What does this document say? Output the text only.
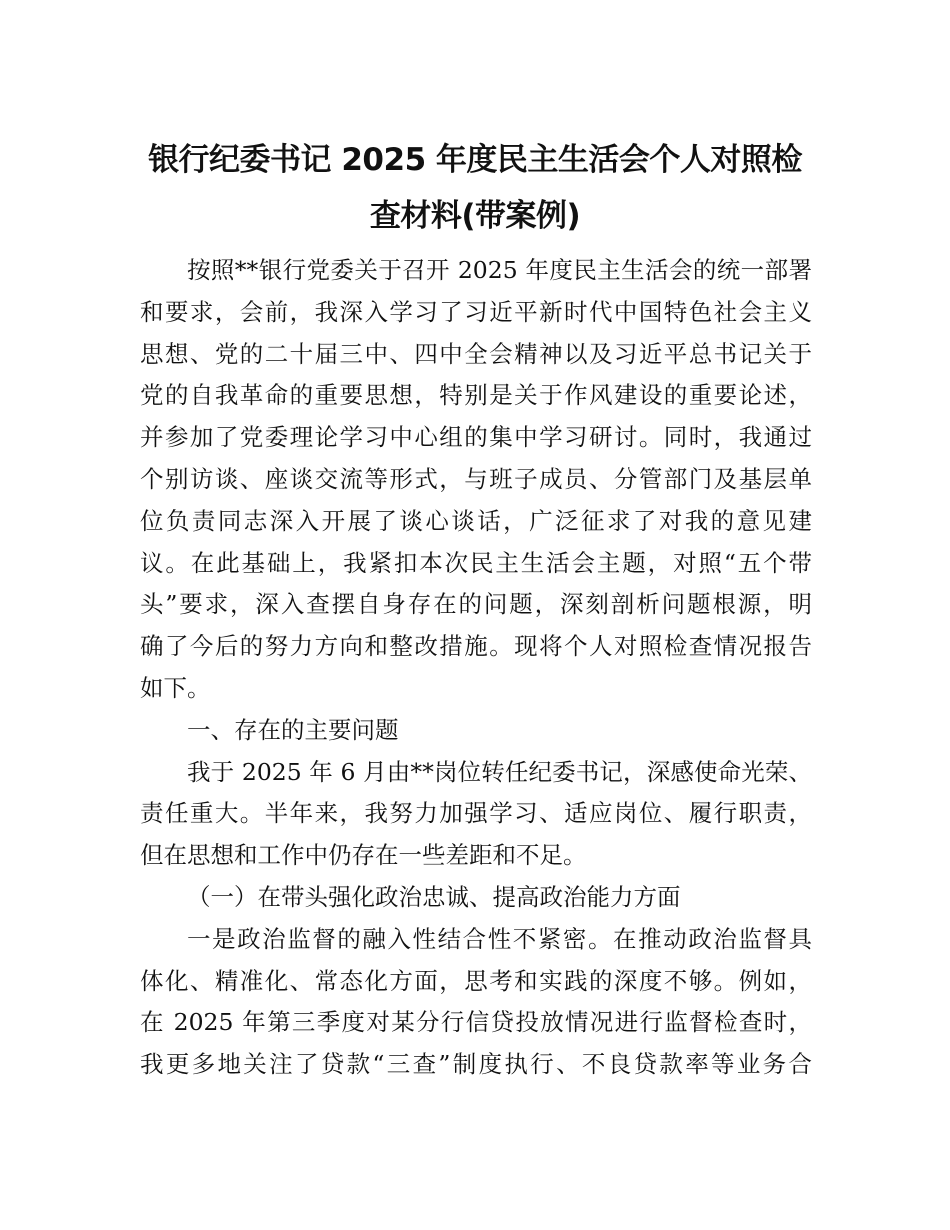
银行纪委书记 2025 年度民主生活会个人对照检
查材料(带案例)
按照**银行党委关于召开 2025 年度民主生活会的统一部署
和要求，会前，我深入学习了习近平新时代中国特色社会主义
思想、党的二十届三中、四中全会精神以及习近平总书记关于
党的自我革命的重要思想，特别是关于作风建设的重要论述，
并参加了党委理论学习中心组的集中学习研讨。同时，我通过
个别访谈、座谈交流等形式，与班子成员、分管部门及基层单
位负责同志深入开展了谈心谈话，广泛征求了对我的意见建
议。在此基础上，我紧扣本次民主生活会主题，对照“五个带
头”要求，深入查摆自身存在的问题，深刻剖析问题根源，明
确了今后的努力方向和整改措施。现将个人对照检查情况报告
如下。
一、存在的主要问题
我于 2025 年 6 月由**岗位转任纪委书记，深感使命光荣、
责任重大。半年来，我努力加强学习、适应岗位、履行职责，
但在思想和工作中仍存在一些差距和不足。
（一）在带头强化政治忠诚、提高政治能力方面
一是政治监督的融入性结合性不紧密。在推动政治监督具
体化、精准化、常态化方面，思考和实践的深度不够。例如，
在 2025 年第三季度对某分行信贷投放情况进行监督检查时，
我更多地关注了贷款“三查”制度执行、不良贷款率等业务合
